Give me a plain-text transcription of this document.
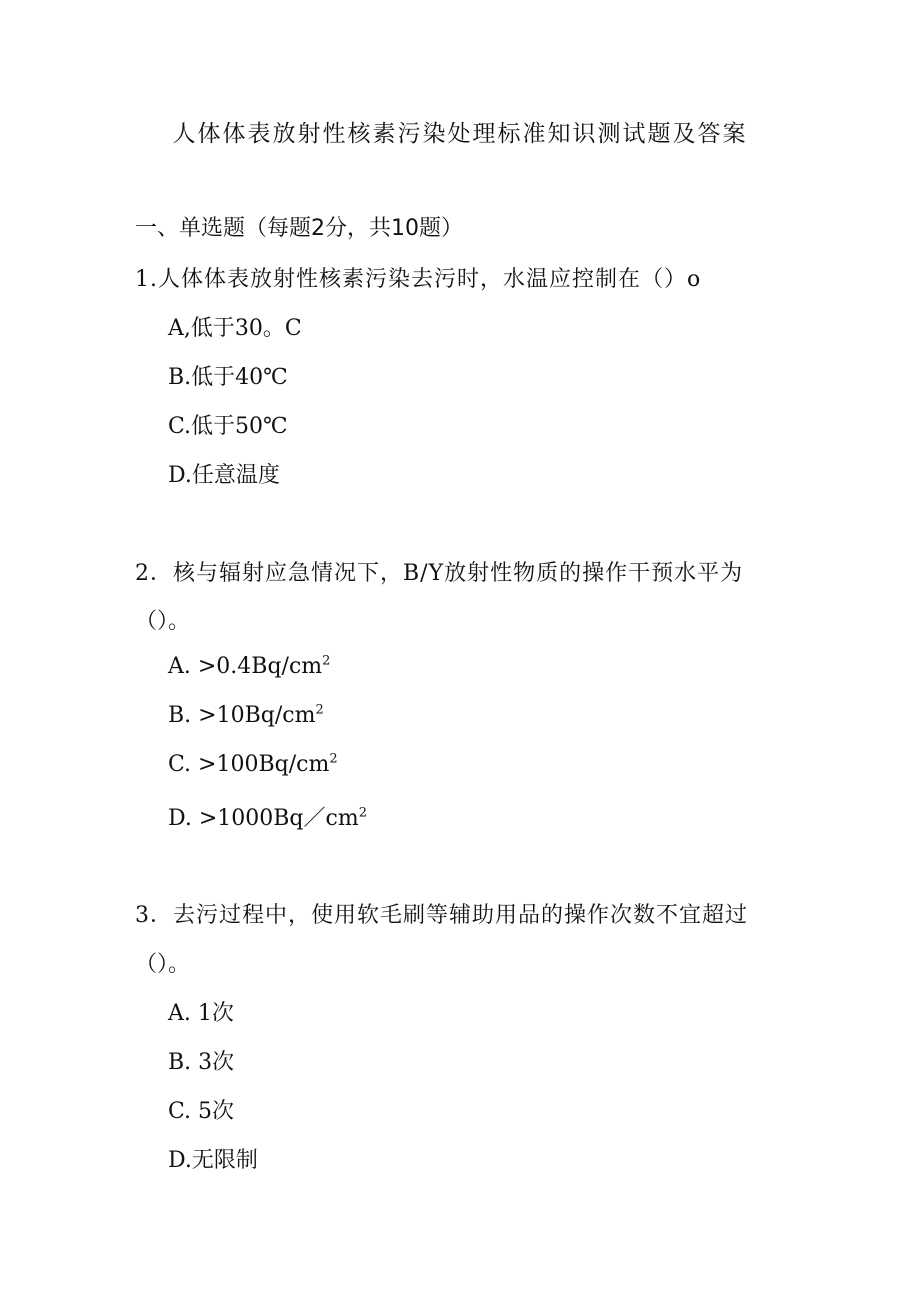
人体体表放射性核素污染处理标准知识测试题及答案
一、单选题（每题2分，共10题）
1.人体体表放射性核素污染去污时，水温应控制在（）o
A,低于30。C
B.低于40℃
C.低于50℃
D.任意温度
2．核与辐射应急情况下，B/Y放射性物质的操作干预水平为
（）。
A. $>0.4Bq/cm^2$
B. $>10Bq/cm^2$
C. $>100Bq/cm^2$
D. $>1000Bq/cm^2$
3．去污过程中，使用软毛刷等辅助用品的操作次数不宜超过
（）。
A. 1次
B. 3次
C. 5次
D.无限制
